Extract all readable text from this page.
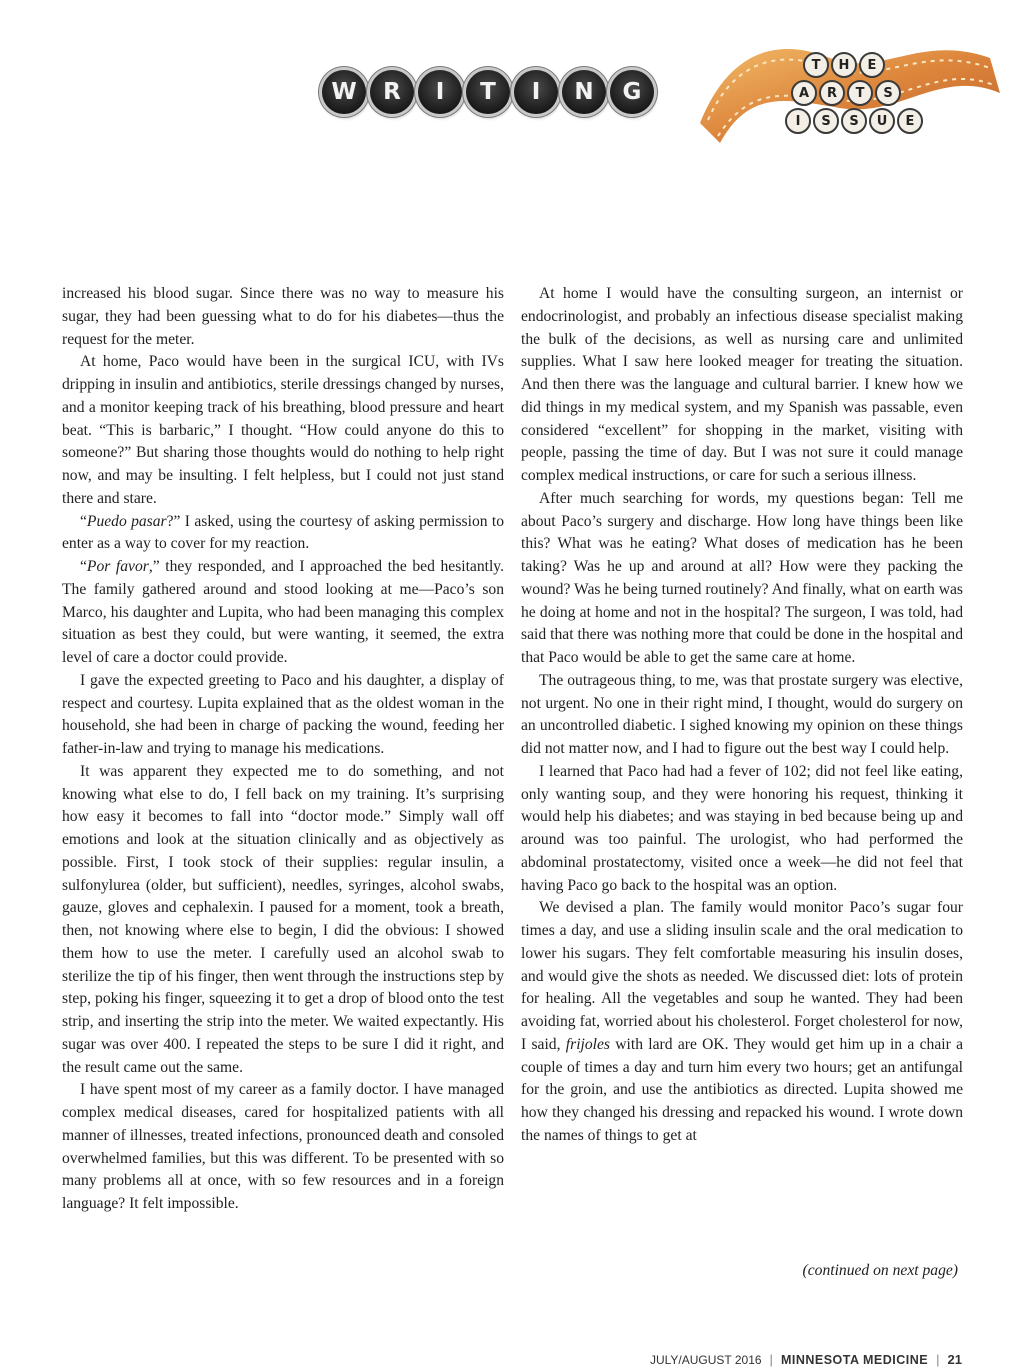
W	R	I	T	I	N	G
T	H	E
A	R	T	S
I	S	S	U	E

increased his blood sugar. Since there was no way to measure his sugar, they had been guessing what to do for his diabetes—thus the request for the meter.

At home, Paco would have been in the surgical ICU, with IVs dripping in insulin and antibiotics, sterile dressings changed by nurses, and a monitor keeping track of his breathing, blood pressure and heart beat. “This is barbaric,” I thought. “How could anyone do this to someone?” But sharing those thoughts would do nothing to help right now, and may be insulting. I felt helpless, but I could not just stand there and stare.

“Puedo pasar?” I asked, using the courtesy of asking permission to enter as a way to cover for my reaction.

“Por favor,” they responded, and I approached the bed hesitantly. The family gathered around and stood looking at me—Paco’s son Marco, his daughter and Lupita, who had been managing this complex situation as best they could, but were wanting, it seemed, the extra level of care a doctor could provide.

I gave the expected greeting to Paco and his daughter, a display of respect and courtesy. Lupita explained that as the oldest woman in the household, she had been in charge of packing the wound, feeding her father-in-law and trying to manage his medications.

It was apparent they expected me to do something, and not knowing what else to do, I fell back on my training. It’s surprising how easy it becomes to fall into “doctor mode.” Simply wall off emotions and look at the situation clinically and as objectively as possible. First, I took stock of their supplies: regular insulin, a sulfonylurea (older, but sufficient), needles, syringes, alcohol swabs, gauze, gloves and cephalexin. I paused for a moment, took a breath, then, not knowing where else to begin, I did the obvious: I showed them how to use the meter. I carefully used an alcohol swab to sterilize the tip of his finger, then went through the instructions step by step, poking his finger, squeezing it to get a drop of blood onto the test strip, and inserting the strip into the meter. We waited expectantly. His sugar was over 400. I repeated the steps to be sure I did it right, and the result came out the same.

I have spent most of my career as a family doctor. I have managed complex medical diseases, cared for hospitalized patients with all manner of illnesses, treated infections, pronounced death and consoled overwhelmed families, but this was different. To be presented with so many problems all at once, with so few resources and in a foreign language? It felt impossible.

At home I would have the consulting surgeon, an internist or endocrinologist, and probably an infectious disease specialist making the bulk of the decisions, as well as nursing care and unlimited supplies. What I saw here looked meager for treating the situation. And then there was the language and cultural barrier. I knew how we did things in my medical system, and my Spanish was passable, even considered “excellent” for shopping in the market, visiting with people, passing the time of day. But I was not sure it could manage complex medical instructions, or care for such a serious illness.

After much searching for words, my questions began: Tell me about Paco’s surgery and discharge. How long have things been like this? What was he eating? What doses of medication has he been taking? Was he up and around at all? How were they packing the wound? Was he being turned routinely? And finally, what on earth was he doing at home and not in the hospital? The surgeon, I was told, had said that there was nothing more that could be done in the hospital and that Paco would be able to get the same care at home.

The outrageous thing, to me, was that prostate surgery was elective, not urgent. No one in their right mind, I thought, would do surgery on an uncontrolled diabetic. I sighed knowing my opinion on these things did not matter now, and I had to figure out the best way I could help.

I learned that Paco had had a fever of 102; did not feel like eating, only wanting soup, and they were honoring his request, thinking it would help his diabetes; and was staying in bed because being up and around was too painful. The urologist, who had performed the abdominal prostatectomy, visited once a week—he did not feel that having Paco go back to the hospital was an option.

We devised a plan. The family would monitor Paco’s sugar four times a day, and use a sliding insulin scale and the oral medication to lower his sugars. They felt comfortable measuring his insulin doses, and would give the shots as needed. We discussed diet: lots of protein for healing. All the vegetables and soup he wanted. They had been avoiding fat, worried about his cholesterol. Forget cholesterol for now, I said, frijoles with lard are OK. They would get him up in a chair a couple of times a day and turn him every two hours; get an antifungal for the groin, and use the antibiotics as directed. Lupita showed me how they changed his dressing and repacked his wound. I wrote down the names of things to get at

(continued on next page)
JULY/AUGUST 2016 | MINNESOTA MEDICINE | 21
